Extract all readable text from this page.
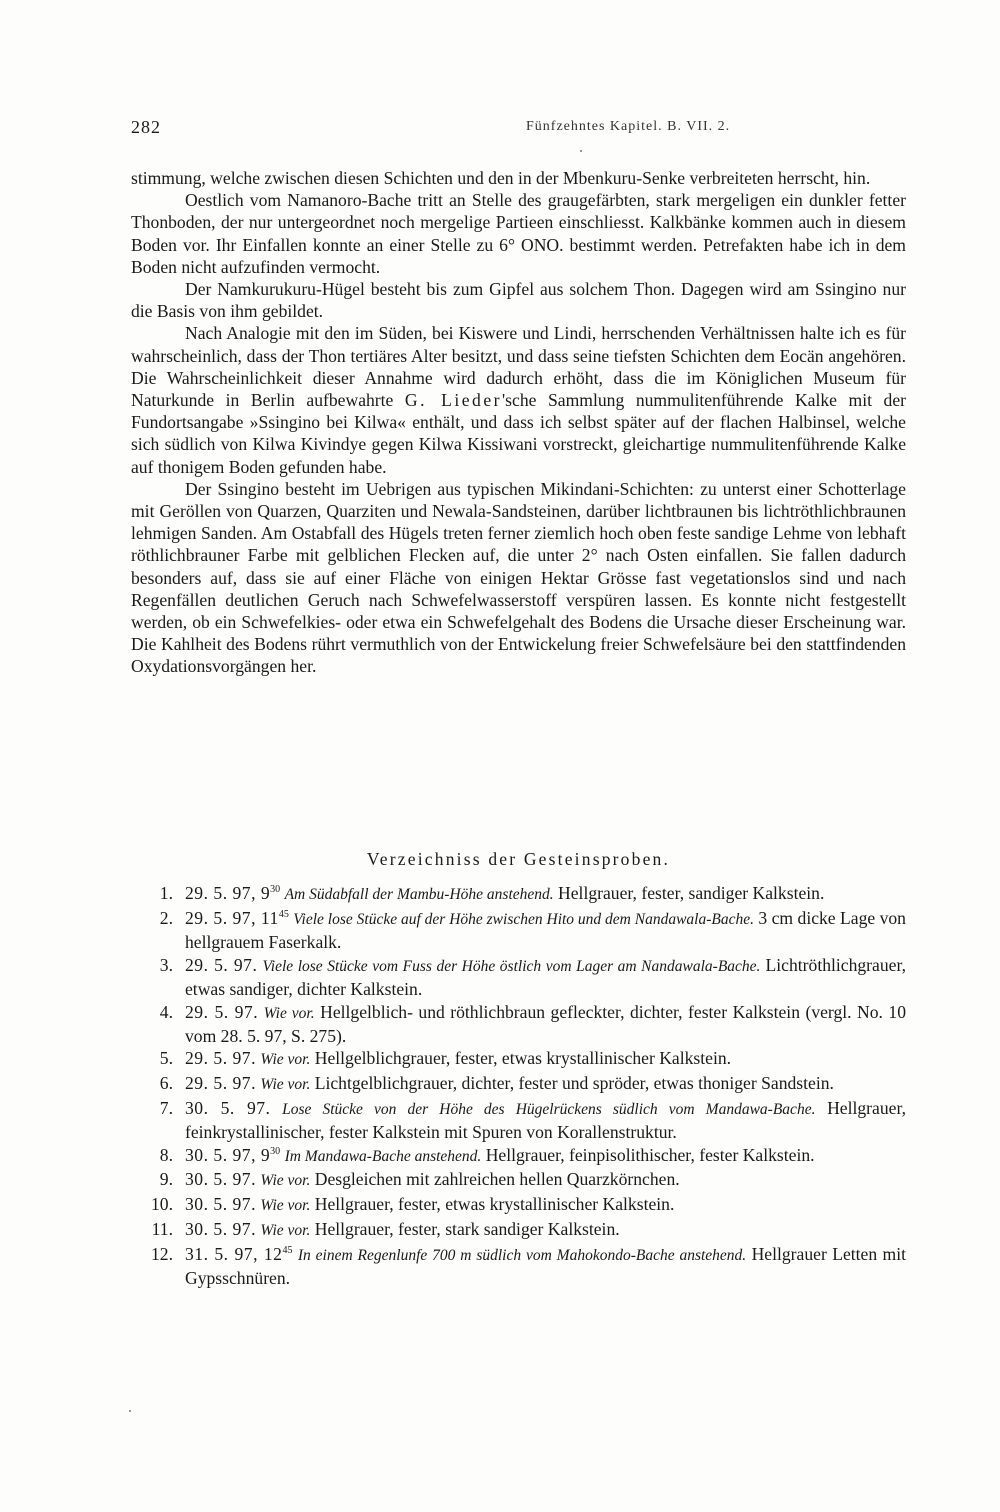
282	Fünfzehntes Kapitel. B. VII. 2.

stimmung, welche zwischen diesen Schichten und den in der Mbenkuru-Senke verbreiteten herrscht, hin.

Oestlich vom Namanoro-Bache tritt an Stelle des graugefärbten, stark mergeligen ein dunkler fetter Thonboden, der nur untergeordnet noch mergelige Partieen einschliesst. Kalkbänke kommen auch in diesem Boden vor. Ihr Einfallen konnte an einer Stelle zu 6° ONO. bestimmt werden. Petrefakten habe ich in dem Boden nicht aufzufinden vermocht.

Der Namkurukuru-Hügel besteht bis zum Gipfel aus solchem Thon. Dagegen wird am Ssingino nur die Basis von ihm gebildet.

Nach Analogie mit den im Süden, bei Kiswere und Lindi, herrschenden Verhältnissen halte ich es für wahrscheinlich, dass der Thon tertiäres Alter besitzt, und dass seine tiefsten Schichten dem Eocän angehören. Die Wahrscheinlichkeit dieser Annahme wird dadurch erhöht, dass die im Königlichen Museum für Naturkunde in Berlin aufbewahrte G. Lieder'sche Sammlung nummulitenführende Kalke mit der Fundortsangabe »Ssingino bei Kilwa« enthält, und dass ich selbst später auf der flachen Halbinsel, welche sich südlich von Kilwa Kivindye gegen Kilwa Kissiwani vorstreckt, gleichartige nummulitenführende Kalke auf thonigem Boden gefunden habe.

Der Ssingino besteht im Uebrigen aus typischen Mikindani-Schichten: zu unterst einer Schotterlage mit Geröllen von Quarzen, Quarziten und Newala-Sandsteinen, darüber lichtbraunen bis lichtröthlichbraunen lehmigen Sanden. Am Ostabfall des Hügels treten ferner ziemlich hoch oben feste sandige Lehme von lebhaft röthlichbrauner Farbe mit gelblichen Flecken auf, die unter 2° nach Osten einfallen. Sie fallen dadurch besonders auf, dass sie auf einer Fläche von einigen Hektar Grösse fast vegetationslos sind und nach Regenfällen deutlichen Geruch nach Schwefelwasserstoff verspüren lassen. Es konnte nicht festgestellt werden, ob ein Schwefelkies- oder etwa ein Schwefelgehalt des Bodens die Ursache dieser Erscheinung war. Die Kahlheit des Bodens rührt vermuthlich von der Entwickelung freier Schwefelsäure bei den stattfindenden Oxydationsvorgängen her.

Verzeichniss der Gesteinsproben.
1. 29. 5. 97, $9^{30}$ Am Südabfall der Mambu-Höhe anstehend. Hellgrauer, fester, sandiger Kalkstein.
2. 29. 5. 97, $11^{45}$ Viele lose Stücke auf der Höhe zwischen Hito und dem Nandawala-Bache. 3 cm dicke Lage von hellgrauem Faserkalk.
3. 29. 5. 97. Viele lose Stücke vom Fuss der Höhe östlich vom Lager am Nandawala-Bache. Lichtröthlichgrauer, etwas sandiger, dichter Kalkstein.
4. 29. 5. 97. Wie vor. Hellgelblich- und röthlichbraun gefleckter, dichter, fester Kalkstein (vergl. No. 10 vom 28. 5. 97, S. 275).
5. 29. 5. 97. Wie vor. Hellgelblichgrauer, fester, etwas krystallinischer Kalkstein.
6. 29. 5. 97. Wie vor. Lichtgelblichgrauer, dichter, fester und spröder, etwas thoniger Sandstein.
7. 30. 5. 97. Lose Stücke von der Höhe des Hügelrückens südlich vom Mandawa-Bache. Hellgrauer, feinkrystallinischer, fester Kalkstein mit Spuren von Korallenstruktur.
8. 30. 5. 97, $9^{30}$ Im Mandawa-Bache anstehend. Hellgrauer, feinpisolithischer, fester Kalkstein.
9. 30. 5. 97. Wie vor. Desgleichen mit zahlreichen hellen Quarzkörnchen.
10. 30. 5. 97. Wie vor. Hellgrauer, fester, etwas krystallinischer Kalkstein.
11. 30. 5. 97. Wie vor. Hellgrauer, fester, stark sandiger Kalkstein.
12. 31. 5. 97, $12^{45}$ In einem Regenlunfe 700 m südlich vom Mahokondo-Bache anstehend. Hellgrauer Letten mit Gypsschnüren.
